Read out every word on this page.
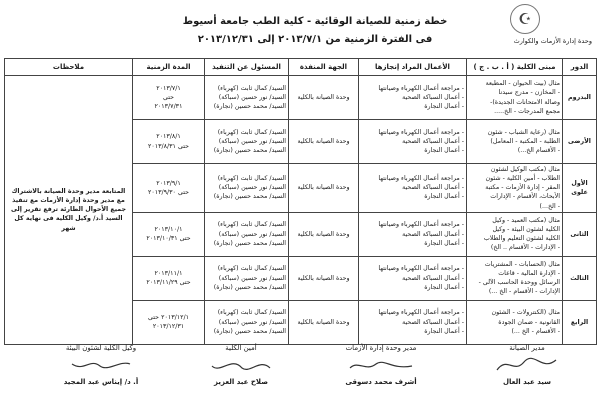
☪
وحدة إدارة الأزمات والكوارث
خطة زمنية للصيانة الوقائية - كلية الطب جامعة أسيوط
فى الفترة الزمنية من ٢٠١٣/٧/١ إلى ٢٠١٣/١٢/٣١
الدور	مبنى الكلية ( أ . ب . ج )	الأعمال المراد إنجازها	الجهة المنفذة	المسئول عن التنفيذ	المدة الزمنية	ملاحظات
البدروم	مثال (بيت الحيوان - المطبعة
- المخازن - مدرج سيدنا
وصالة الامتحانات الجديدة)-
مجمع المدرجات - الخ.....	- مراجعة أعمال الكهرباء وصيانتها
- أعمال السباكة الصحية
- أعمال النجارة	وحدة الصيانة بالكلية	السيد/ كمال ثابت (كهرباء)
السيد/ نور حسين (سباكة)
السيد/ محمد حسين (نجارة)	٢٠١٣/٧/١
حتى
٢٠١٣/٧/٣١	المتابعة مدير وحدة الصيانة بالاشتراك مع مدير وحدة إدارة الأزمات مع تنفيذ جميع الأحوال الطارئة ترفع تقرير إلى السيد أ.د/ وكيل الكلية فى نهاية كل شهر
الأرضى	مثال (رعاية الشباب - شئون
الطلبة - المكتبة - المعامل)
- الأقسام الخ...)	- مراجعة أعمال الكهرباء وصيانتها
- أعمال السباكة الصحية
- أعمال النجارة	وحدة الصيانة بالكلية	السيد/ كمال ثابت (كهرباء)
السيد/ نور حسين (سباكة)
السيد/ محمد حسين (نجارة)	٢٠١٣/٨/١
حتى ٢٠١٣/٨/٣١	

الأول علوى	مثال (مكتب الوكيل لشئون
الطلاب - أمين الكلية - شئون
المقر - إدارة الأزمات - مكتبة
الأبحاث، الأقسام - الإدارات
- الخ...)	- مراجعة أعمال الكهرباء وصيانتها
- أعمال السباكة الصحية
- أعمال النجارة	وحدة الصيانة بالكلية	السيد/ كمال ثابت (كهرباء)
السيد/ نور حسين (سباكة)
السيد/ محمد حسين (نجارة)	٢٠١٣/٩/١
حتى ٢٠١٣/٩/٣٠	

الثانى	مثال (مكتب العميد - وكيل
الكلية لشئون البيئة - وكيل
الكلية لشئون التعليم والطلاب
- الإدارات - الأقسام .. الخ)	- مراجعة أعمال الكهرباء وصيانتها
- أعمال السباكة الصحية
- أعمال النجارة	وحدة الصيانة بالكلية	السيد/ كمال ثابت (كهرباء)
السيد/ نور حسين (سباكة)
السيد/ محمد حسين (نجارة)	٢٠١٣/١٠/١
حتى ٢٠١٣/١٠/٣١	

الثالث	مثال (الحسابات - المشتريات
- الإدارة المالية - قاعات
الرسائل ووحدة الحاسب الآلى -
الإدارات - الأقسام - الخ ...)	- مراجعة أعمال الكهرباء وصيانتها
- أعمال السباكة الصحية
- أعمال النجارة	وحدة الصيانة بالكلية	السيد/ كمال ثابت (كهرباء)
السيد/ نور حسين (سباكة)
السيد/ محمد حسين (نجارة)	٢٠١٣/١١/١
حتى ٢٠١٣/١١/٢٩	

الرابع	مثال (الكنترولات - الشئون
القانونية - ضمان الجودة
- الأقسام - الخ ...)	- مراجعة أعمال الكهرباء وصيانتها
- أعمال السباكة الصحية
- أعمال النجارة	وحدة الصيانة بالكلية	السيد/ كمال ثابت (كهرباء)
السيد/ نور حسين (سباكة)
السيد/ محمد حسين (نجارة)	٢٠١٣/١٢/١ حتى
٢٠١٣/١٢/٣١	
مدير الصيانة
سيد عبد العال
مدير وحدة إدارة الأزمات
أشرف محمد دسوقى
أمين الكلية
صلاح عبد العزيز
وكيل الكلية لشئون البيئة
أ. د/ إيناس عبد المجيد
